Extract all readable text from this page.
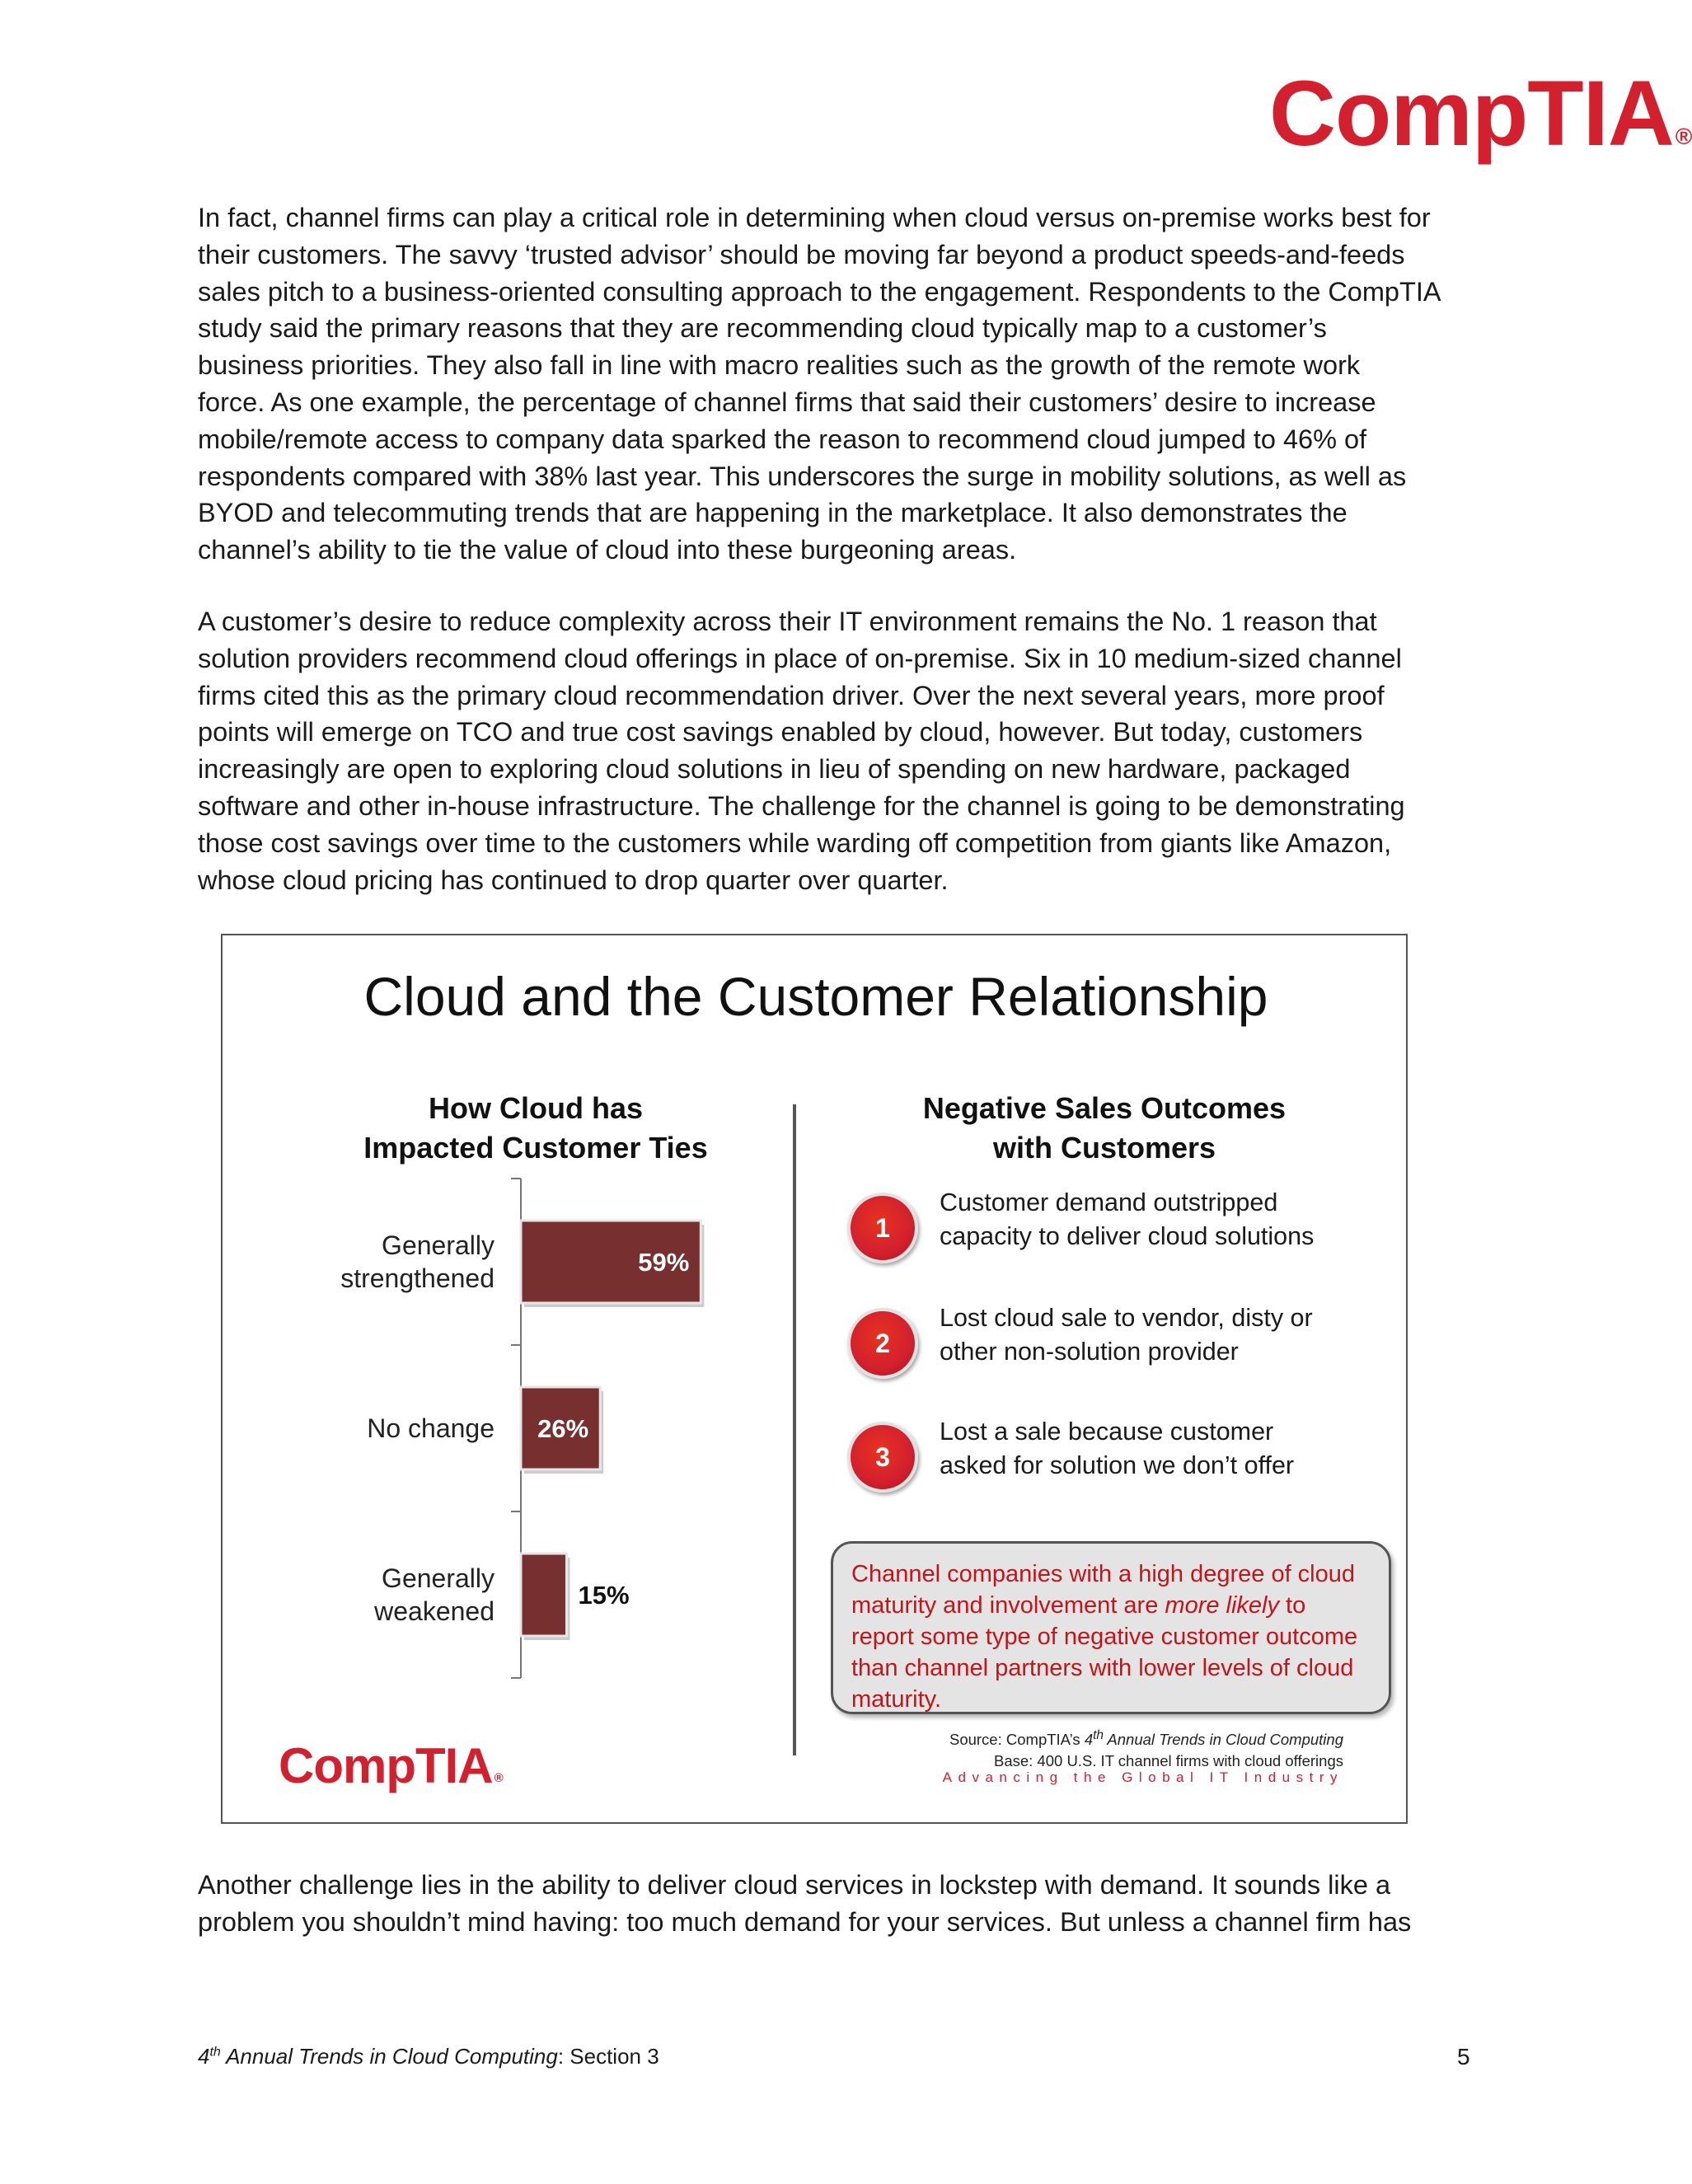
CompTIA®

In fact, channel firms can play a critical role in determining when cloud versus on-premise works best for
their customers. The savvy ‘trusted advisor’ should be moving far beyond a product speeds-and-feeds
sales pitch to a business-oriented consulting approach to the engagement. Respondents to the CompTIA
study said the primary reasons that they are recommending cloud typically map to a customer’s
business priorities. They also fall in line with macro realities such as the growth of the remote work
force. As one example, the percentage of channel firms that said their customers’ desire to increase
mobile/remote access to company data sparked the reason to recommend cloud jumped to 46% of
respondents compared with 38% last year. This underscores the surge in mobility solutions, as well as
BYOD and telecommuting trends that are happening in the marketplace. It also demonstrates the
channel’s ability to tie the value of cloud into these burgeoning areas.

A customer’s desire to reduce complexity across their IT environment remains the No. 1 reason that
solution providers recommend cloud offerings in place of on-premise. Six in 10 medium-sized channel
firms cited this as the primary cloud recommendation driver. Over the next several years, more proof
points will emerge on TCO and true cost savings enabled by cloud, however. But today, customers
increasingly are open to exploring cloud solutions in lieu of spending on new hardware, packaged
software and other in-house infrastructure. The challenge for the channel is going to be demonstrating
those cost savings over time to the customers while warding off competition from giants like Amazon,
whose cloud pricing has continued to drop quarter over quarter.

Cloud and the Customer Relationship
How Cloud has
Impacted Customer Ties
Negative Sales Outcomes
with Customers
Generally strengthened
59%
No change 26%
Generally weakened
15%
1
Customer demand outstripped
capacity to deliver cloud solutions
2
Lost cloud sale to vendor, disty or
other non-solution provider
3
Lost a sale because customer
asked for solution we don’t offer
Channel companies with a high degree of cloud maturity and involvement are more likely to report some type of negative customer outcome than channel partners with lower levels of cloud maturity.
Source: CompTIA’s 4th Annual Trends in Cloud Computing
Base: 400 U.S. IT channel firms with cloud offerings
Advancing the Global IT Industry
CompTIA ®

Another challenge lies in the ability to deliver cloud services in lockstep with demand. It sounds like a
problem you shouldn’t mind having: too much demand for your services. But unless a channel firm has

4th Annual Trends in Cloud Computing: Section 3	5
